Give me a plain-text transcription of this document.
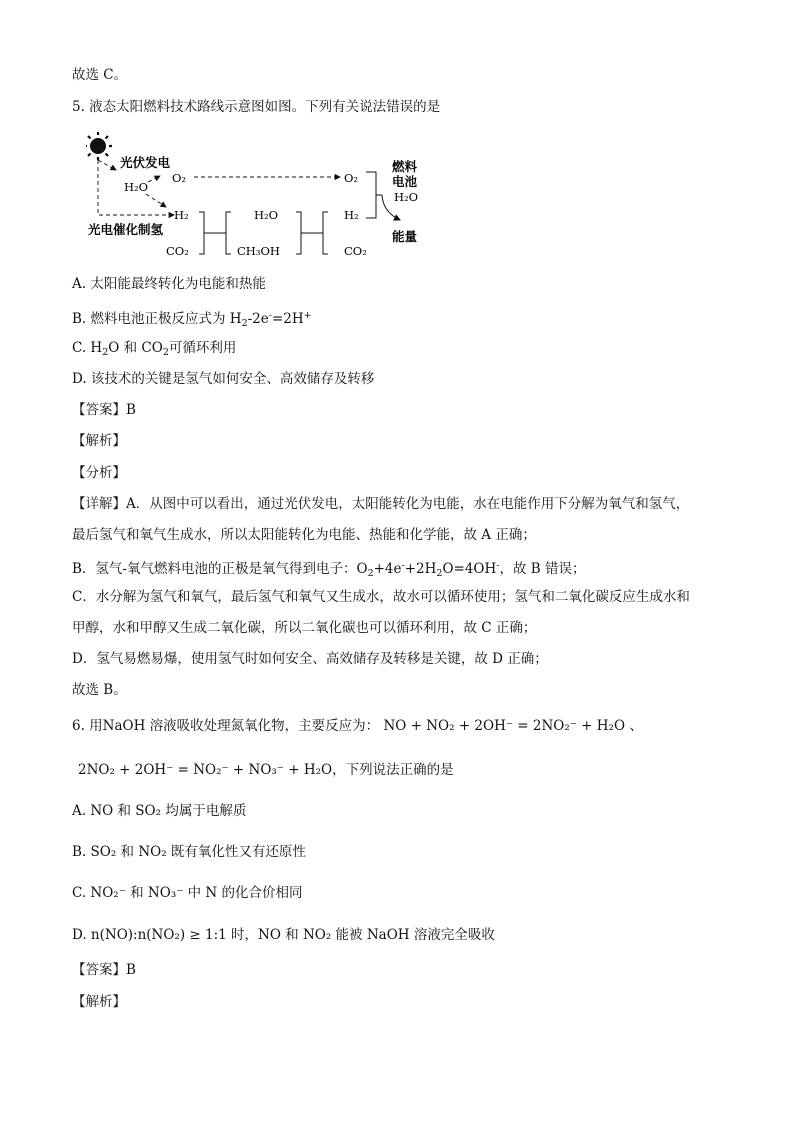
故选 C。
5. 液态太阳燃料技术路线示意图如图。下列有关说法错误的是
光伏发电
H₂O
O₂
H₂
光电催化制氢
CO₂
H₂O
CH₃OH
H₂
CO₂
O₂
燃料
电池
H₂O
能量
A. 太阳能最终转化为电能和热能
B. 燃料电池正极反应式为 $H_2-2e^-=2H^+$
C. $H_2O$ 和 $CO_2$可循环利用
D. 该技术的关键是氢气如何安全、高效储存及转移
【答案】B
【解析】
【分析】
【详解】A．从图中可以看出，通过光伏发电，太阳能转化为电能，水在电能作用下分解为氧气和氢气，
最后氢气和氧气生成水，所以太阳能转化为电能、热能和化学能，故 A 正确；
B．氢气-氧气燃料电池的正极是氧气得到电子：$O_2+4e^-+2H_2O=4OH^-$，故 B 错误；
C．水分解为氢气和氧气，最后氢气和氧气又生成水，故水可以循环使用；氢气和二氧化碳反应生成水和
甲醇，水和甲醇又生成二氧化碳，所以二氧化碳也可以循环利用，故 C 正确；
D．氢气易燃易爆，使用氢气时如何安全、高效储存及转移是关键，故 D 正确；
故选 B。
6. 用NaOH 溶液吸收处理氮氧化物，主要反应为： NO + NO₂ + 2OH⁻ = 2NO₂⁻ + H₂O 、
2NO₂ + 2OH⁻ = NO₂⁻ + NO₃⁻ + H₂O，下列说法正确的是
A. NO 和 SO₂ 均属于电解质
B. SO₂ 和 NO₂ 既有氧化性又有还原性
C. NO₂⁻ 和 NO₃⁻ 中 N 的化合价相同
D. n(NO):n(NO₂) ≥ 1:1 时，NO 和 NO₂ 能被 NaOH 溶液完全吸收
【答案】B
【解析】
